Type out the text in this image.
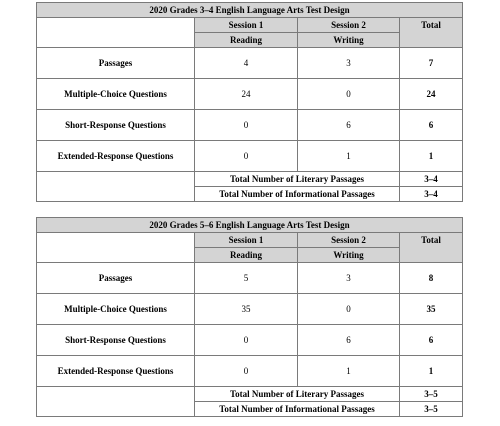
2020 Grades 3–4 English Language Arts Test Design			
	Session 1	Session 2	Total
	Reading	Writing	
Passages	4	3	7
Multiple-Choice Questions	24	0	24
Short-Response Questions	0	6	6
Extended-Response Questions	0	1	1
	Total Number of Literary Passages		3–4
	Total Number of Informational Passages		3–4
2020 Grades 5–6 English Language Arts Test Design			
	Session 1	Session 2	Total
	Reading	Writing	
Passages	5	3	8
Multiple-Choice Questions	35	0	35
Short-Response Questions	0	6	6
Extended-Response Questions	0	1	1
	Total Number of Literary Passages		3–5
	Total Number of Informational Passages		3–5
